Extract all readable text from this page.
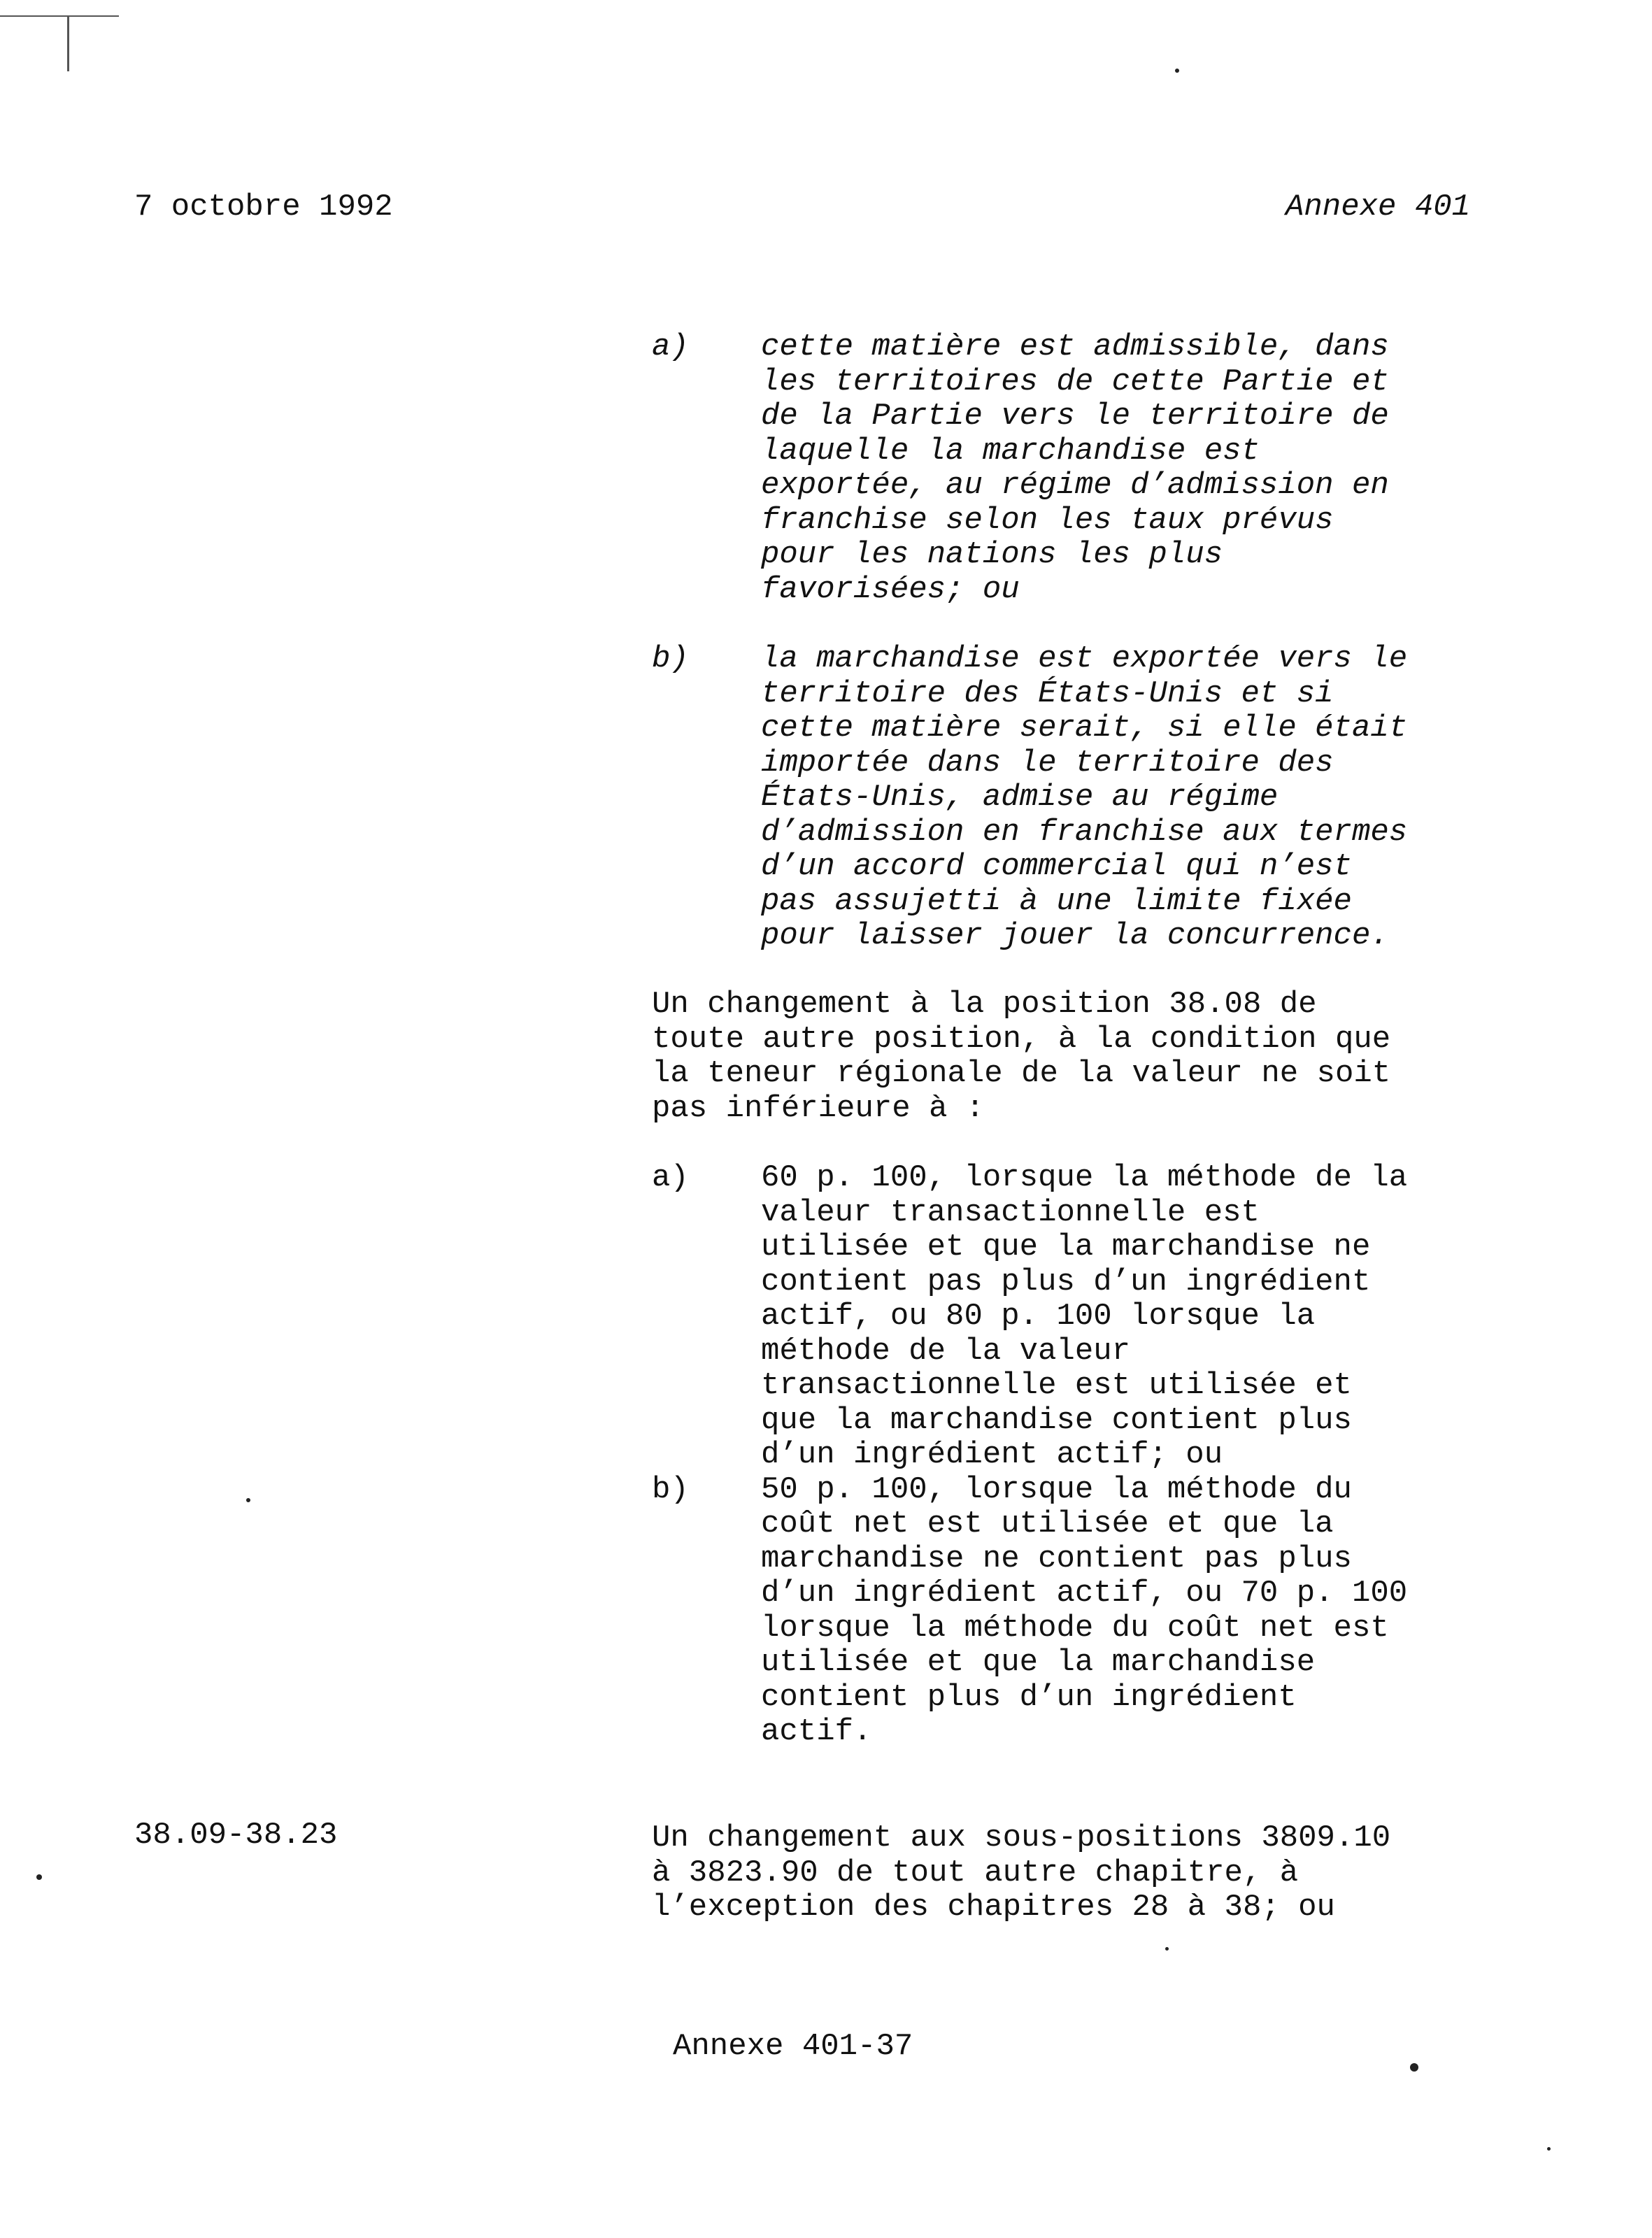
7 octobre 1992	Annexe 401
a) cette matière est admissible, dans
les territoires de cette Partie et
de la Partie vers le territoire de
laquelle la marchandise est
exportée, au régime d’admission en
franchise selon les taux prévus
pour les nations les plus
favorisées; ou
b) la marchandise est exportée vers le
territoire des États-Unis et si
cette matière serait, si elle était
importée dans le territoire des
États-Unis, admise au régime
d’admission en franchise aux termes
d’un accord commercial qui n’est
pas assujetti à une limite fixée
pour laisser jouer la concurrence.

Un changement à la position 38.08 de
toute autre position, à la condition que
la teneur régionale de la valeur ne soit
pas inférieure à :

a) 60 p. 100, lorsque la méthode de la
valeur transactionnelle est
utilisée et que la marchandise ne
contient pas plus d’un ingrédient
actif, ou 80 p. 100 lorsque la
méthode de la valeur
transactionnelle est utilisée et
que la marchandise contient plus
d’un ingrédient actif; ou
b) 50 p. 100, lorsque la méthode du
coût net est utilisée et que la
marchandise ne contient pas plus
d’un ingrédient actif, ou 70 p. 100
lorsque la méthode du coût net est
utilisée et que la marchandise
contient plus d’un ingrédient
actif.
38.09-38.23	Un changement aux sous-positions 3809.10
à 3823.90 de tout autre chapitre, à
l’exception des chapitres 28 à 38; ou

Annexe 401-37
